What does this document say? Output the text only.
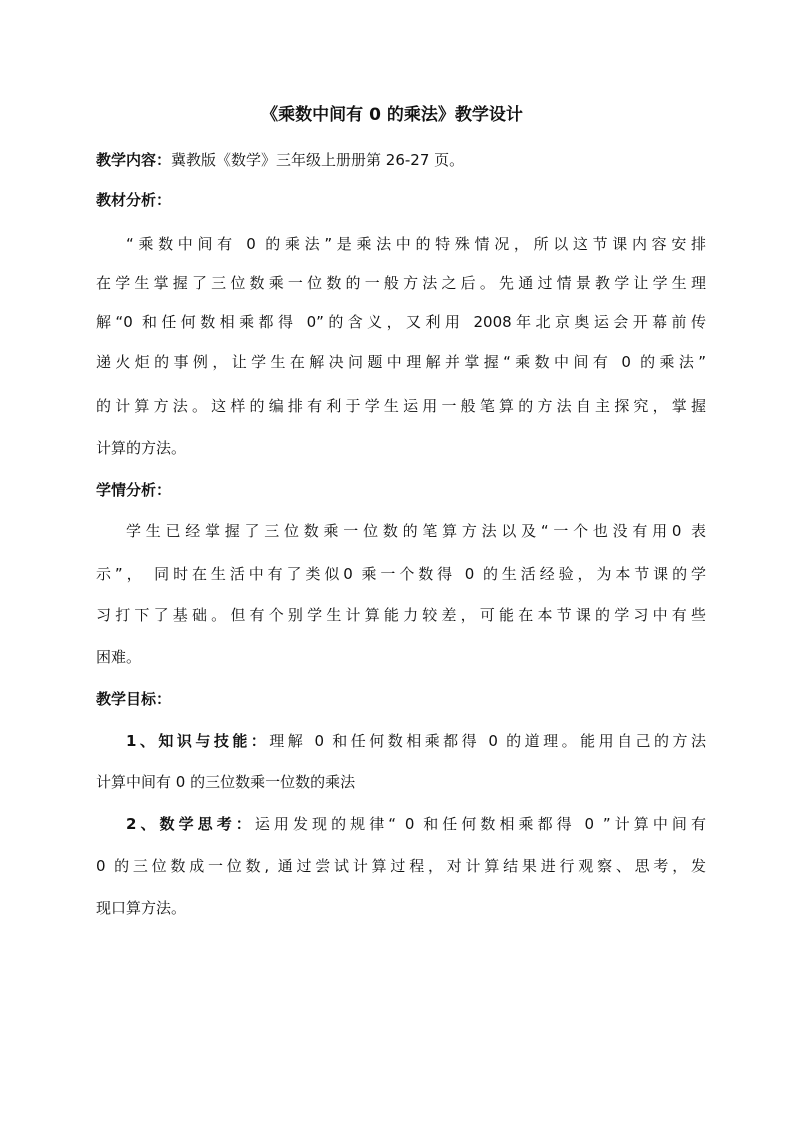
《乘数中间有 0 的乘法》教学设计
教学内容：冀教版《数学》三年级上册册第 26-27 页。
教材分析：
“乘数中间有 0 的乘法”是乘法中的特殊情况，所以这节课内容安排
在学生掌握了三位数乘一位数的一般方法之后。先通过情景教学让学生理
解“0 和任何数相乘都得 0”的含义，又利用 2008年北京奥运会开幕前传
递火炬的事例，让学生在解决问题中理解并掌握“乘数中间有 0 的乘法”
的计算方法。这样的编排有利于学生运用一般笔算的方法自主探究，掌握
计算的方法。
学情分析：
学生已经掌握了三位数乘一位数的笔算方法以及“一个也没有用0 表
示”， 同时在生活中有了类似0 乘一个数得 0 的生活经验，为本节课的学
习打下了基础。但有个别学生计算能力较差，可能在本节课的学习中有些
困难。
教学目标：
1、知识与技能：理解 0 和任何数相乘都得 0 的道理。能用自己的方法
计算中间有 0 的三位数乘一位数的乘法
2、数学思考：运用发现的规律“ 0 和任何数相乘都得 0 ”计算中间有
0 的三位数成一位数, 通过尝试计算过程，对计算结果进行观察、思考，发
现口算方法。
